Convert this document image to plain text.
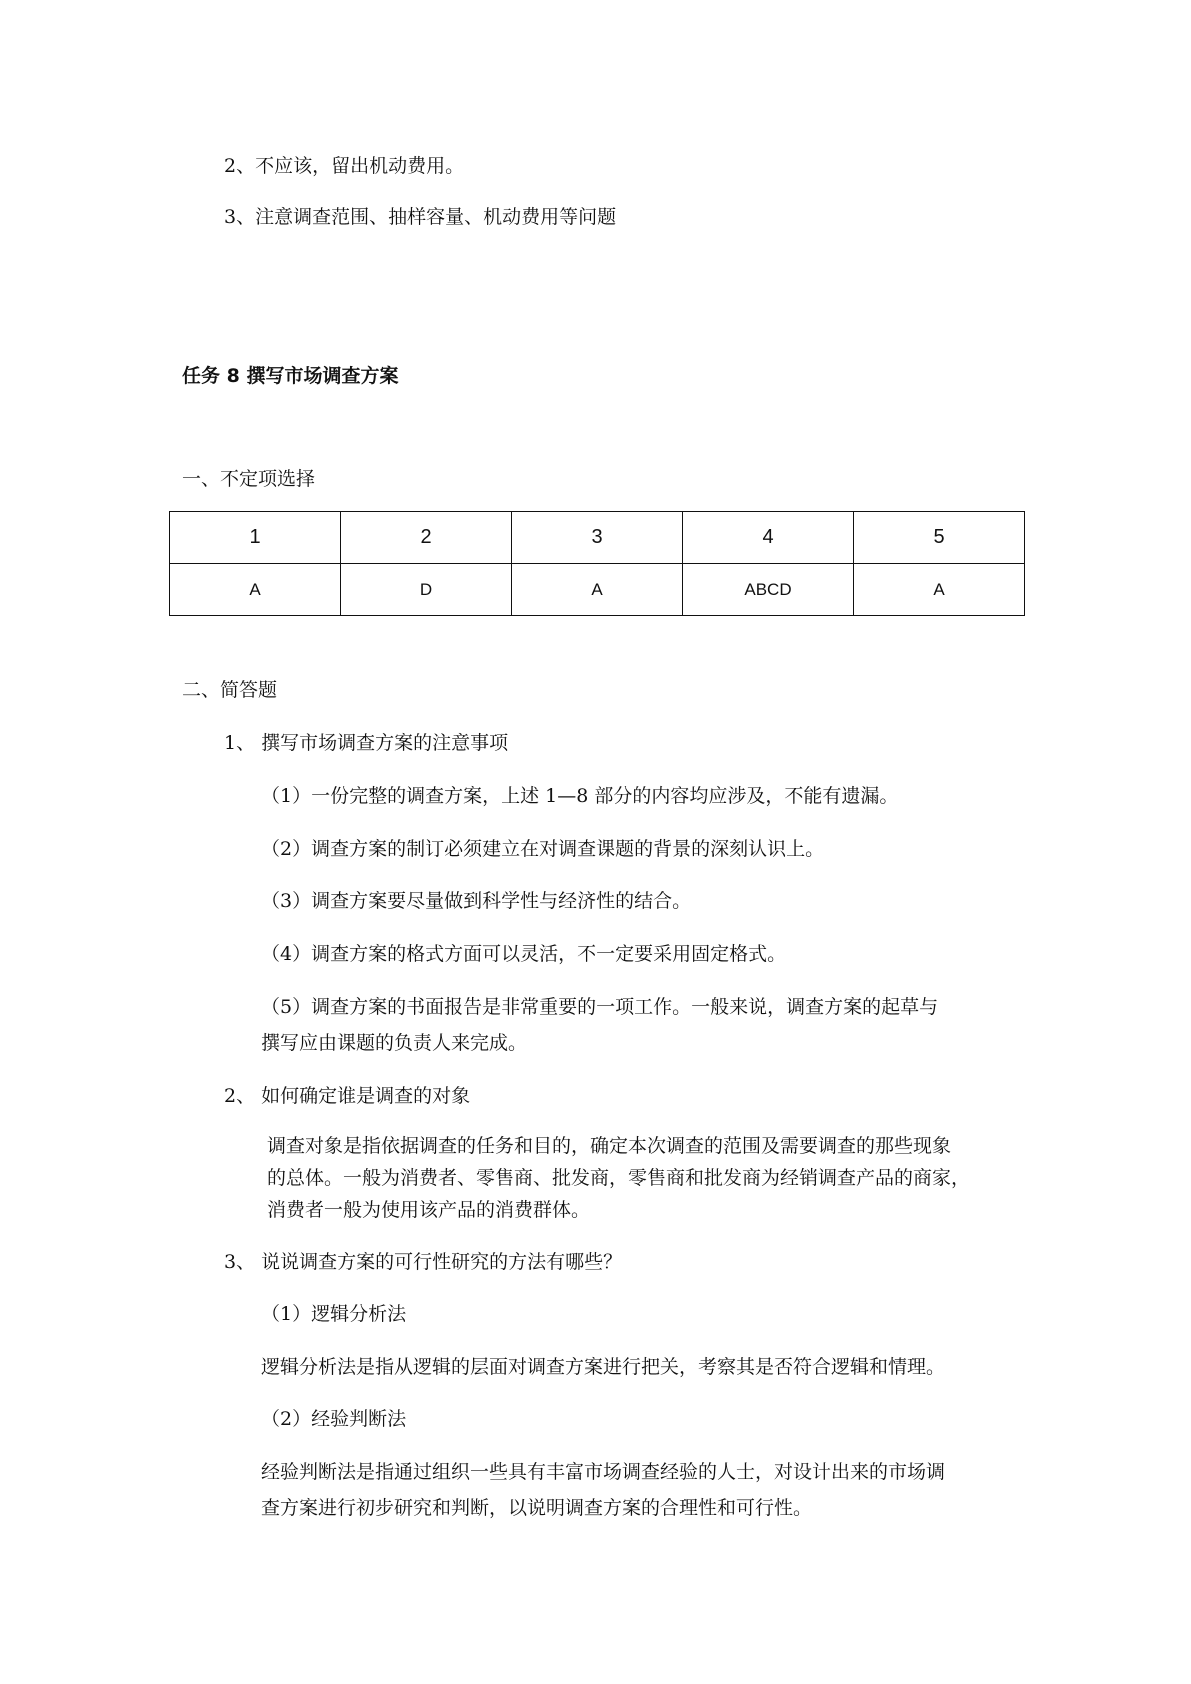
2、不应该，留出机动费用。
3、注意调查范围、抽样容量、机动费用等问题
任务 8 撰写市场调查方案
一、不定项选择
1	2	3	4	5
A	D	A	ABCD	A
二、简答题
1、 撰写市场调查方案的注意事项
（1）一份完整的调查方案，上述 1—8 部分的内容均应涉及，不能有遗漏。
（2）调查方案的制订必须建立在对调查课题的背景的深刻认识上。
（3）调查方案要尽量做到科学性与经济性的结合。
（4）调查方案的格式方面可以灵活，不一定要采用固定格式。
（5）调查方案的书面报告是非常重要的一项工作。一般来说，调查方案的起草与
撰写应由课题的负责人来完成。
2、 如何确定谁是调查的对象
调查对象是指依据调查的任务和目的，确定本次调查的范围及需要调查的那些现象
的总体。一般为消费者、零售商、批发商，零售商和批发商为经销调查产品的商家，
消费者一般为使用该产品的消费群体。
3、 说说调查方案的可行性研究的方法有哪些？
（1）逻辑分析法
逻辑分析法是指从逻辑的层面对调查方案进行把关，考察其是否符合逻辑和情理。
（2）经验判断法
经验判断法是指通过组织一些具有丰富市场调查经验的人士，对设计出来的市场调
查方案进行初步研究和判断，以说明调查方案的合理性和可行性。
